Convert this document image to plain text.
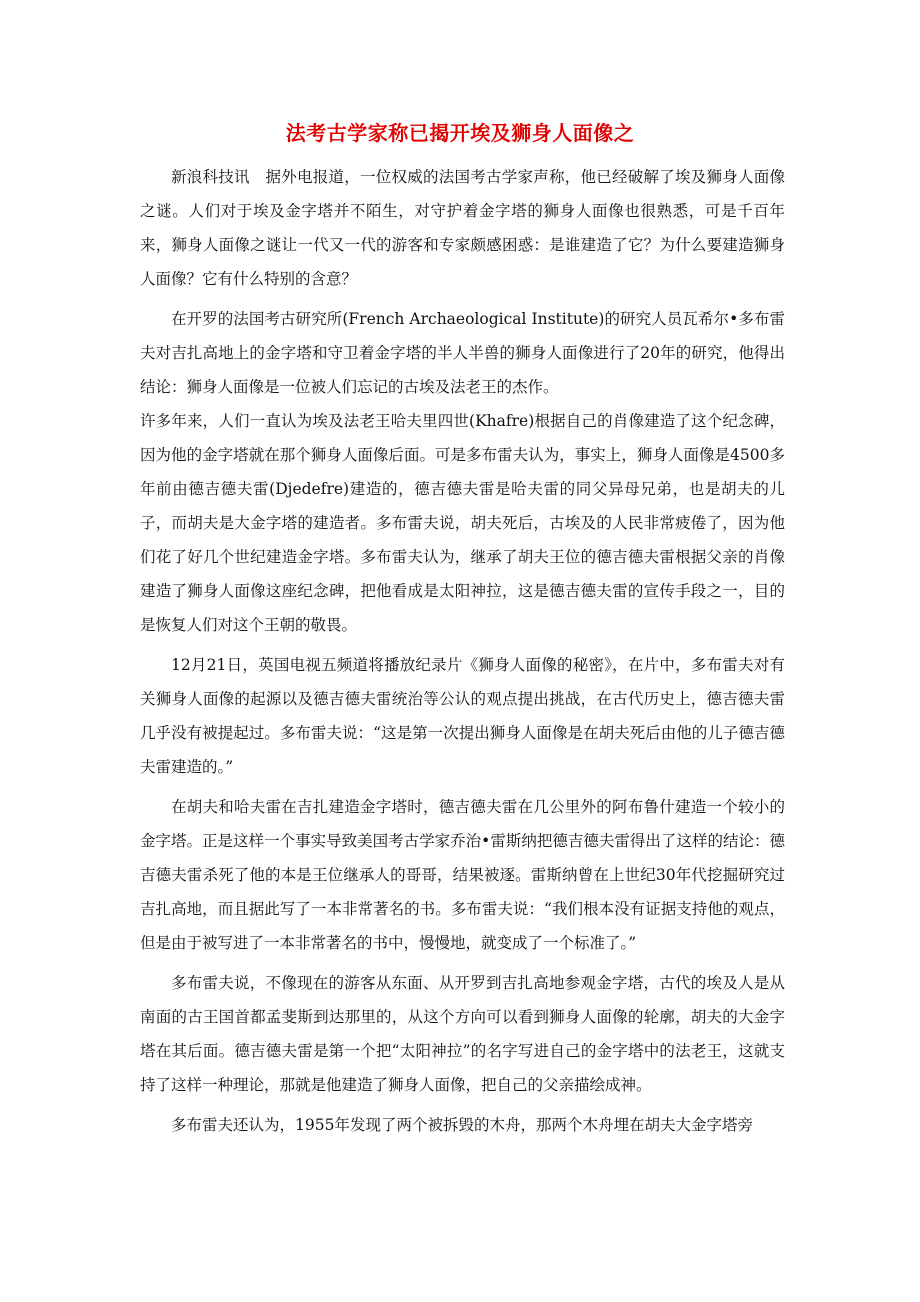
法考古学家称已揭开埃及狮身人面像之

新浪科技讯　据外电报道，一位权威的法国考古学家声称，他已经破解了埃及狮身人面像之谜。人们对于埃及金字塔并不陌生，对守护着金字塔的狮身人面像也很熟悉，可是千百年来，狮身人面像之谜让一代又一代的游客和专家颇感困惑：是谁建造了它？为什么要建造狮身人面像？它有什么特别的含意？

在开罗的法国考古研究所(French Archaeological Institute)的研究人员瓦希尔•多布雷夫对吉扎高地上的金字塔和守卫着金字塔的半人半兽的狮身人面像进行了20年的研究，他得出结论：狮身人面像是一位被人们忘记的古埃及法老王的杰作。

许多年来，人们一直认为埃及法老王哈夫里四世(Khafre)根据自己的肖像建造了这个纪念碑，因为他的金字塔就在那个狮身人面像后面。可是多布雷夫认为，事实上，狮身人面像是4500多年前由德吉德夫雷(Djedefre)建造的，德吉德夫雷是哈夫雷的同父异母兄弟，也是胡夫的儿子，而胡夫是大金字塔的建造者。多布雷夫说，胡夫死后，古埃及的人民非常疲倦了，因为他们花了好几个世纪建造金字塔。多布雷夫认为，继承了胡夫王位的德吉德夫雷根据父亲的肖像建造了狮身人面像这座纪念碑，把他看成是太阳神拉，这是德吉德夫雷的宣传手段之一，目的是恢复人们对这个王朝的敬畏。

12月21日，英国电视五频道将播放纪录片《狮身人面像的秘密》，在片中，多布雷夫对有关狮身人面像的起源以及德吉德夫雷统治等公认的观点提出挑战，在古代历史上，德吉德夫雷几乎没有被提起过。多布雷夫说：“这是第一次提出狮身人面像是在胡夫死后由他的儿子德吉德夫雷建造的。”

在胡夫和哈夫雷在吉扎建造金字塔时，德吉德夫雷在几公里外的阿布鲁什建造一个较小的金字塔。正是这样一个事实导致美国考古学家乔治•雷斯纳把德吉德夫雷得出了这样的结论：德吉德夫雷杀死了他的本是王位继承人的哥哥，结果被逐。雷斯纳曾在上世纪30年代挖掘研究过吉扎高地，而且据此写了一本非常著名的书。多布雷夫说：“我们根本没有证据支持他的观点，但是由于被写进了一本非常著名的书中，慢慢地，就变成了一个标准了。”

多布雷夫说，不像现在的游客从东面、从开罗到吉扎高地参观金字塔，古代的埃及人是从南面的古王国首都孟斐斯到达那里的，从这个方向可以看到狮身人面像的轮廓，胡夫的大金字塔在其后面。德吉德夫雷是第一个把“太阳神拉”的名字写进自己的金字塔中的法老王，这就支持了这样一种理论，那就是他建造了狮身人面像，把自己的父亲描绘成神。

多布雷夫还认为，1955年发现了两个被拆毁的木舟，那两个木舟埋在胡夫大金字塔旁
